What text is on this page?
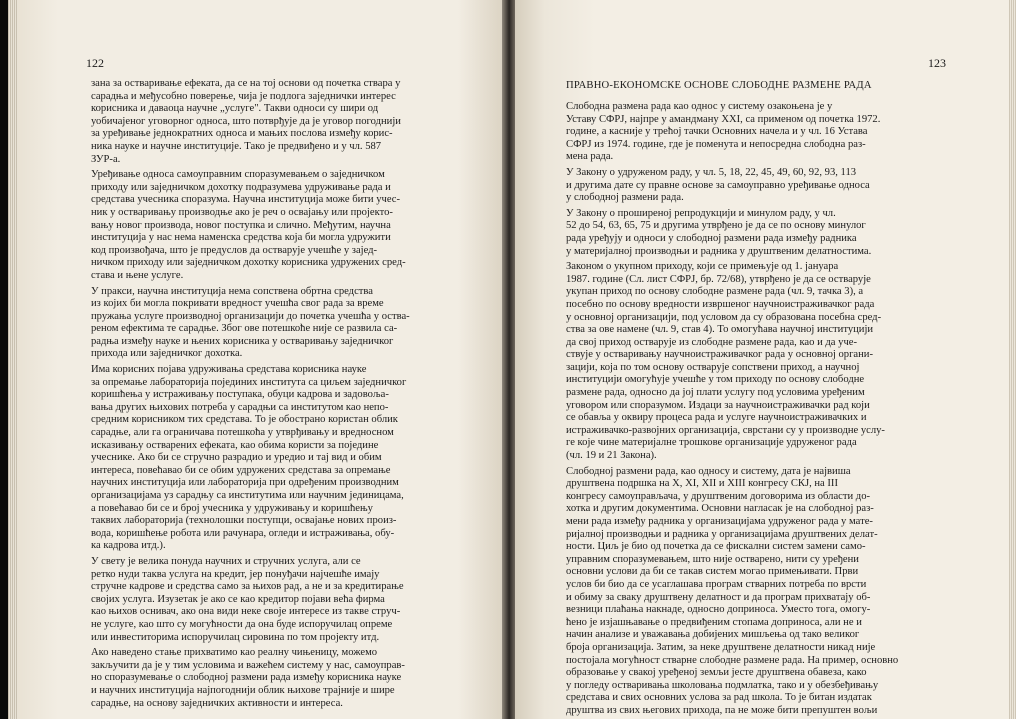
122
зана за остваривање ефеката, да се на тој основи од почетка ствара у
сарадња и међусобно поверење, чија је подлога заједнички интерес
корисника и даваоца научне „услуге". Такви односи су шири од
уобичајеног уговорног односа, што потврђује да је уговор погоднији
за уређивање једнократних односа и мањих послова између корис-
ника науке и научне институције. Тако је предвиђено и у чл. 587
ЗУР-а.
Уређивање односа самоуправним споразумевањем о заједничком
приходу или заједничком дохотку подразумева удруживање рада и
средстава учесника споразума. Научна институција може бити учес-
ник у остваривању производње ако је реч о освајању или пројекто-
вању новог производа, новог поступка и слично. Међутим, научна
институција у нас нема наменска средства која би могла удружити
код произвођача, што је предуслов да остварује учешће у заjед-
ничком приходу или заједничком дохотку корисника удружених сред-
става и њене услуге.
У пракси, научна институција нема сопствена обртна средства
из којих би могла покривати вредност учешћа свог рада за време
пружања услуге производној организацији до почетка учешћа у оства-
реном ефектима те сарадње. Због ове потешкоће није се развила са-
радња између науке и њених корисника у остваривању заједничког
прихода или заједничког дохотка.
Има корисних појава удруживања средстава корисника науке
за опремање лабораторија појединих института са циљем заједничког
коришћења у истраживању поступака, обуци кадрова и задовоља-
вања других њихових потреба у сарадњи са институтом као непо-
средним корисником тих средстава. То је обострано користан облик
сарадње, али га ограничава потешкоћа у утврђивању и вредносном
исказивању остварених ефеката, као обима користи за појединe
учеснике. Ако би се стручно разрадио и уредио и тај вид и обим
интереса, повећавао би се обим удружених средстава за опремање
научних институција или лабораторија при одређеним производним
организацијама уз сарадњу са институтима или научним јединицама,
а повећавао би се и број учесника у удруживању и коришћењу
таквих лабораторија (технолошки поступци, освајање нових произ-
вода, коришћење робота или рачунара, огледи и истраживања, обу-
ка кадрова итд.).
У свету је велика понуда научних и стручних услуга, али се
ретко нуди таква услуга на кредит, јер понуђачи најчешће имају
стручне кадрове и средства само за њихов рад, а не и за кредитирање
својих услуга. Изузетак је ако се као кредитор појави већа фирма
као њихов оснивач, ако она види неке своје интересе из такве струч-
не услуге, као што су могућности да она буде испоручилац опреме
или инвеститорима испоручилац сировина по том пројекту итд.
Ако наведено стање прихватимо као реалну чињеницу, можемо
закључити да је у тим условима и важећем систему у нас, самоуправ-
но споразумевање о слободној размени рада између корисника науке
и научних институција најпогоднији облик њихове трајније и шире
сарадње, на основу заједничких активности и интереса.
123
ПРАВНО-ЕКОНОМСКЕ ОСНОВЕ СЛОБОДНЕ РАЗМЕНЕ РАДА
Слободна размена рада као однос у систему озакоњена је у
Уставу СФРЈ, најпре у амандману XXI, са применом од почетка 1972.
године, а касније у трећој тачки Основних начела и у чл. 16 Устава
СФРЈ из 1974. године, где је поменута и непосредна слободна раз-
мена рада.
У Закону о удруженом раду, у чл. 5, 18, 22, 45, 49, 60, 92, 93, 113
и другима дате су правне основе за самоуправно уређивање односа
у слободној размени рада.
У Закону о проширеној репродукцији и минулом раду, у чл.
52 до 54, 63, 65, 75 и другима утврђено је да се по основу минулог
рада уређују и односи у слободној размени рада између радника
у материјалној производњи и радника у друштвеним делатностима.
Законом о укупном приходу, који се примењује од 1. јануара
1987. године (Сл. лист СФРЈ, бр. 72/68), утврђено је да се остварује
укупан приход по основу слободне размене рада (чл. 9, тачка 3), а
посебно по основу вредности извршеног научноистраживачког рада
у основној организацији, под условом да су образована посебна сред-
ства за ове намене (чл. 9, став 4). То омогућава научној институцији
да свој приход остварује из слободне размене рада, као и да уче-
ствује у остваривању научноистраживачког рада у основној органи-
зацији, која по том основу остварује сопствени приход, а научној
институцији омогућује учешће у том приходу по основу слободне
размене рада, односно да јој плати услугу под условима уређеним
уговором или споразумом. Издаци за научноистраживачки рад који
се обавља у оквиру процеса рада и услуге научноистраживачких и
истраживачко-развојних организација, сврстани су у производне услу-
ге које чине материјалне трошкове организације удруженог рада
(чл. 19 и 21 Закона).
Слободној размени рада, као односу и систему, дата је највиша
друштвена подршка на X, XI, XII и XIII конгресу СКЈ, на III
конгресу самоуправљача, у друштвеним договорима из области до-
хотка и другим документима. Основни нагласак је на слободној раз-
мени рада између радника у организацијама удруженог рада у мате-
ријалној производњи и радника у организацијама друштвених делат-
ности. Циљ је био од почетка да се фискални систем замени само-
управним споразумевањем, што није остварено, нити су уређени
основни услови да би се такав систем могао примењивати. Први
услов би био да се усаглашава програм стварних потреба по врсти
и обиму за сваку друштвену делатност и да програм прихватају об-
везници плаћања накнаде, односно доприноса. Уместо тога, омогу-
ћено је изјашњавање о предвиђеним стопама доприноса, али не и
начин анализе и уважавања добијених мишљења од тако великог
броја организација. Затим, за неке друштвене делатности никад није
постојала могућност стварне слободне размене рада. На пример, основно
образовање у свакој уређеној земљи јесте друштвена обавеза, како
у погледу остваривања школовања подмлатка, тако и у обезбеђивању
средстава и свих основних услова за рад школа. То је битан издатак
друштва из свих његових прихода, па не може бити препуштен вољи
